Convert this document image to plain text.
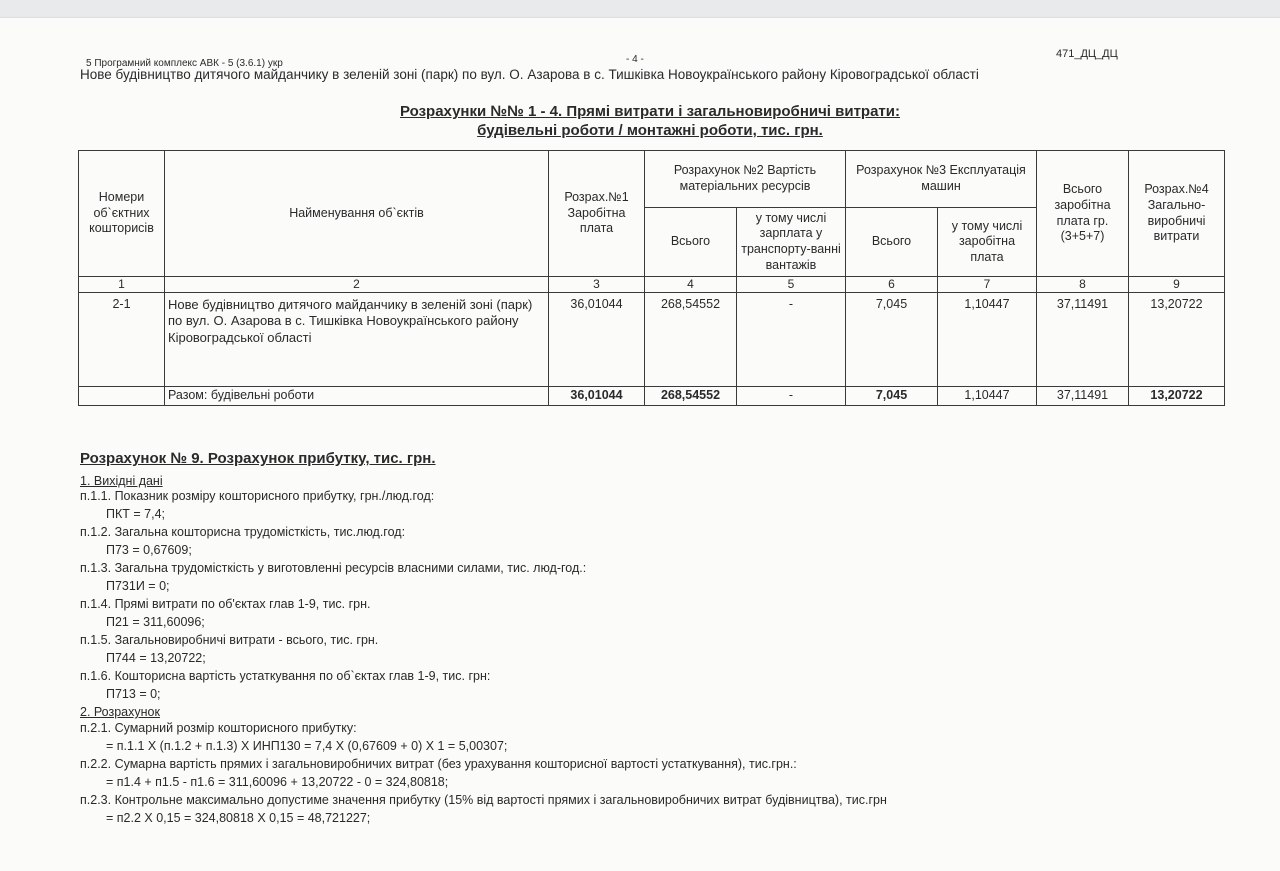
5 Програмний комплекс АВК - 5 (3.6.1) укр	- 4 -	471_ДЦ_ДЦ
Нове будівництво дитячого майданчику в зеленій зоні (парк) по вул. О. Азарова в с. Тишківка Новоукраїнського району Кіровоградської області
Розрахунки №№ 1 - 4. Прямі витрати і загальновиробничі витрати:
будівельні роботи / монтажні роботи, тис. грн.
Номери об`єктних кошторисів	Найменування об`єктів	Розрах.№1 Заробітна плата	Розрахунок №2 Вартість матеріальних ресурсів		Розрахунок №3 Експлуатація машин		Всього заробітна плата гр.(3+5+7)	Розрах.№4 Загально-виробничі витрати
			Всього	у тому числі зарплата у транспорту-ванні вантажів	Всього	у тому числі заробітна плата		
1	2	3	4	5	6	7	8	9
2-1	Нове будівництво дитячого майданчику в зеленій зоні (парк) по вул. О. Азарова в с. Тишківка Новоукраїнського району Кіровоградської області	36,01044	268,54552	-	7,045	1,10447	37,11491	13,20722
	Разом: будівельні роботи	36,01044	268,54552	-	7,045	1,10447	37,11491	13,20722
Розрахунок № 9. Розрахунок прибутку, тис. грн.
1. Вихідні дані
п.1.1. Показник розміру кошторисного прибутку, грн./люд.год:
ПКТ = 7,4;
п.1.2. Загальна кошторисна трудомісткість, тис.люд.год:
П73 = 0,67609;
п.1.3. Загальна трудомісткість у виготовленні ресурсів власними силами, тис. люд-год.:
П731И = 0;
п.1.4. Прямі витрати по об'єктах глав 1-9, тис. грн.
П21 = 311,60096;
п.1.5. Загальновиробничі витрати - всього, тис. грн.
П744 = 13,20722;
п.1.6. Кошторисна вартість устаткування по об`єктах глав 1-9, тис. грн:
П713 = 0;
2. Розрахунок
п.2.1. Сумарний розмір кошторисного прибутку:
= п.1.1 Х (п.1.2 + п.1.3) Х ИНП130 = 7,4 Х (0,67609 + 0) Х 1 = 5,00307;
п.2.2. Сумарна вартість прямих і загальновиробничих витрат (без урахування кошторисної вартості устаткування), тис.грн.:
= п1.4 + п1.5 - п1.6 = 311,60096 + 13,20722 - 0 = 324,80818;
п.2.3. Контрольне максимально допустиме значення прибутку (15% від вартості прямих і загальновиробничих витрат будівництва), тис.грн
= п2.2 Х 0,15 = 324,80818 Х 0,15 = 48,721227;
